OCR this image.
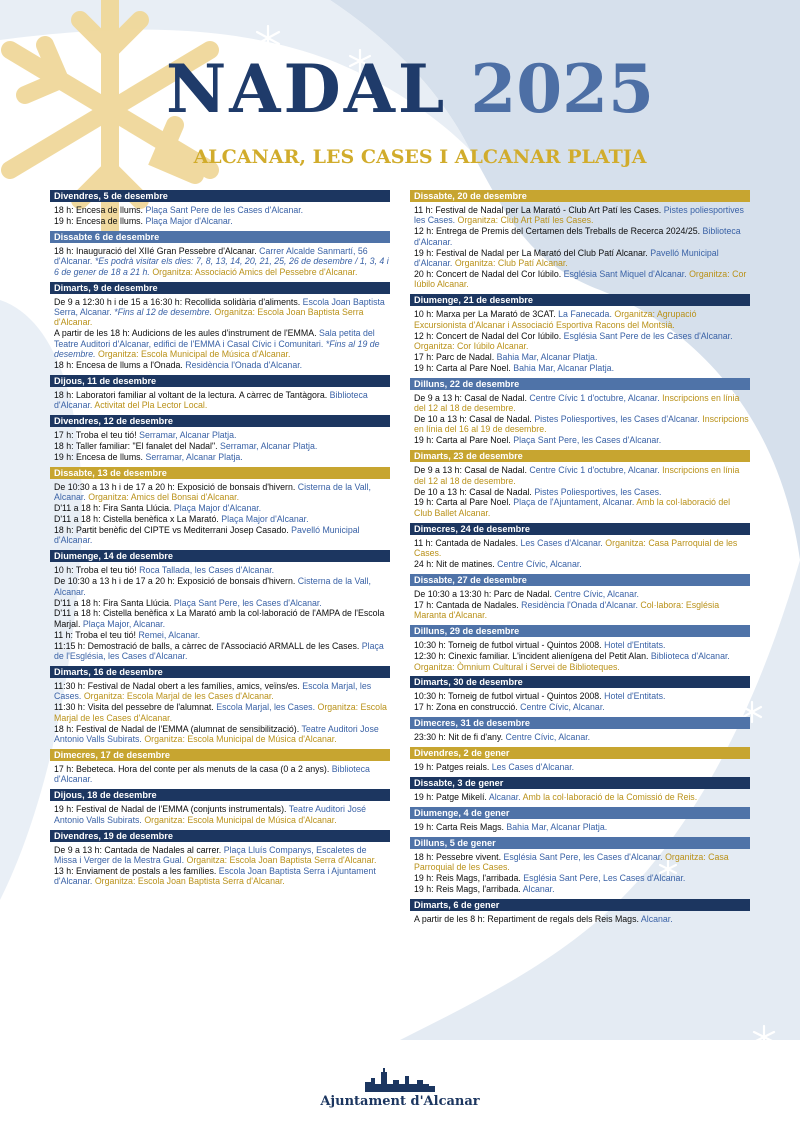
NADAL 2025
ALCANAR, LES CASES I ALCANAR PLATJA
Divendres, 5 de desembre
18 h: Encesa de llums. Plaça Sant Pere de les Cases d'Alcanar.
19 h: Encesa de llums. Plaça Major d'Alcanar.
Dissabte 6 de desembre
18 h: Inauguració del XIIé Gran Pessebre d'Alcanar. Carrer Alcalde Sanmartí, 56 d'Alcanar. *Es podrà visitar els dies: 7, 8, 13, 14, 20, 21, 25, 26 de desembre / 1, 3, 4 i 6 de gener de 18 a 21 h. Organitza: Associació Amics del Pessebre d'Alcanar.
Dimarts, 9 de desembre
De 9 a 12:30 h i de 15 a 16:30 h: Recollida solidària d'aliments. Escola Joan Baptista Serra, Alcanar. *Fins al 12 de desembre. Organitza: Escola Joan Baptista Serra d'Alcanar.
A partir de les 18 h: Audicions de les aules d'instrument de l'EMMA. Sala petita del Teatre Auditori d'Alcanar, edifici de l'EMMA i Casal Cívic i Comunitari. *Fins al 19 de desembre. Organitza: Escola Municipal de Música d'Alcanar.
18 h: Encesa de llums a l'Onada. Residència l'Onada d'Alcanar.
Dijous, 11 de desembre
18 h: Laboratori familiar al voltant de la lectura. A càrrec de Tantàgora. Biblioteca d'Alcanar. Activitat del Pla Lector Local.
Divendres, 12 de desembre
17 h: Troba el teu tió! Serramar, Alcanar Platja.
18 h: Taller familiar: "El fanalet del Nadal". Serramar, Alcanar Platja.
19 h: Encesa de llums. Serramar, Alcanar Platja.
Dissabte, 13 de desembre
De 10:30 a 13 h i de 17 a 20 h: Exposició de bonsais d'hivern. Cisterna de la Vall, Alcanar. Organitza: Amics del Bonsai d'Alcanar.
D'11 a 18 h: Fira Santa Llúcia. Plaça Major d'Alcanar.
D'11 a 18 h: Cistella benèfica x La Marató. Plaça Major d'Alcanar.
18 h: Partit benèfic del CIPTE vs Mediterrani Josep Casado. Pavelló Municipal d'Alcanar.
Diumenge, 14 de desembre
10 h: Troba el teu tió! Roca Tallada, les Cases d'Alcanar.
De 10:30 a 13 h i de 17 a 20 h: Exposició de bonsais d'hivern. Cisterna de la Vall, Alcanar.
D'11 a 18 h: Fira Santa Llúcia. Plaça Sant Pere, les Cases d'Alcanar.
D'11 a 18 h: Cistella benèfica x La Marató amb la col·laboració de l'AMPA de l'Escola Marjal. Plaça Major, Alcanar.
11 h: Troba el teu tió! Remei, Alcanar.
11:15 h: Demostració de balls, a càrrec de l'Associació ARMALL de les Cases. Plaça de l'Església, les Cases d'Alcanar.
Dimarts, 16 de desembre
11:30 h: Festival de Nadal obert a les famílies, amics, veïns/es. Escola Marjal, les Cases. Organitza: Escola Marjal de les Cases d'Alcanar.
11:30 h: Visita del pessebre de l'alumnat. Escola Marjal, les Cases. Organitza: Escola Marjal de les Cases d'Alcanar.
18 h: Festival de Nadal de l'EMMA (alumnat de sensibilització). Teatre Auditori Jose Antonio Valls Subirats. Organitza: Escola Municipal de Música d'Alcanar.
Dimecres, 17 de desembre
17 h: Bebeteca. Hora del conte per als menuts de la casa (0 a 2 anys). Biblioteca d'Alcanar.
Dijous, 18 de desembre
19 h: Festival de Nadal de l'EMMA (conjunts instrumentals). Teatre Auditori José Antonio Valls Subirats. Organitza: Escola Municipal de Música d'Alcanar.
Divendres, 19 de desembre
De 9 a 13 h: Cantada de Nadales al carrer. Plaça Lluís Companys, Escaletes de Missa i Verger de la Mestra Gual. Organitza: Escola Joan Baptista Serra d'Alcanar.
13 h: Enviament de postals a les famílies. Escola Joan Baptista Serra i Ajuntament d'Alcanar. Organitza: Escola Joan Baptista Serra d'Alcanar.
Dissabte, 20 de desembre
11 h: Festival de Nadal per La Marató - Club Art Patí les Cases. Pistes poliesportives les Cases. Organitza: Club Art Patí les Cases.
12 h: Entrega de Premis del Certamen dels Treballs de Recerca 2024/25. Biblioteca d'Alcanar.
19 h: Festival de Nadal per La Marató del Club Patí Alcanar. Pavelló Municipal d'Alcanar. Organitza: Club Patí Alcanar.
20 h: Concert de Nadal del Cor Iúbilo. Església Sant Miquel d'Alcanar. Organitza: Cor Iúbilo Alcanar.
Diumenge, 21 de desembre
10 h: Marxa per La Marató de 3CAT. La Fanecada. Organitza: Agrupació Excursionista d'Alcanar i Associació Esportiva Racons del Montsià.
12 h: Concert de Nadal del Cor Iúbilo. Església Sant Pere de les Cases d'Alcanar. Organitza: Cor Iúbilo Alcanar.
17 h: Parc de Nadal. Bahia Mar, Alcanar Platja.
19 h: Carta al Pare Noel. Bahia Mar, Alcanar Platja.
Dilluns, 22 de desembre
De 9 a 13 h: Casal de Nadal. Centre Cívic 1 d'octubre, Alcanar. Inscripcions en línia del 12 al 18 de desembre.
De 10 a 13 h: Casal de Nadal. Pistes Poliesportives, les Cases d'Alcanar. Inscripcions en línia del 16 al 19 de desembre.
19 h: Carta al Pare Noel. Plaça Sant Pere, les Cases d'Alcanar.
Dimarts, 23 de desembre
De 9 a 13 h: Casal de Nadal. Centre Cívic 1 d'octubre, Alcanar. Inscripcions en línia del 12 al 18 de desembre.
De 10 a 13 h: Casal de Nadal. Pistes Poliesportives, les Cases.
19 h: Carta al Pare Noel. Plaça de l'Ajuntament, Alcanar. Amb la col·laboració del Club Ballet Alcanar.
Dimecres, 24 de desembre
11 h: Cantada de Nadales. Les Cases d'Alcanar. Organitza: Casa Parroquial de les Cases.
24 h: Nit de matines. Centre Cívic, Alcanar.
Dissabte, 27 de desembre
De 10:30 a 13:30 h: Parc de Nadal. Centre Cívic, Alcanar.
17 h: Cantada de Nadales. Residència l'Onada d'Alcanar. Col·labora: Església Maranta d'Alcanar.
Dilluns, 29 de desembre
10:30 h: Torneig de futbol virtual - Quintos 2008. Hotel d'Entitats.
12:30 h: Cinexic familiar. L'incident alienígena del Petit Alan. Biblioteca d'Alcanar. Organitza: Òmnium Cultural i Servei de Biblioteques.
Dimarts, 30 de desembre
10:30 h: Torneig de futbol virtual - Quintos 2008. Hotel d'Entitats.
17 h: Zona en construcció. Centre Cívic, Alcanar.
Dimecres, 31 de desembre
23:30 h: Nit de fi d'any. Centre Cívic, Alcanar.
Divendres, 2 de gener
19 h: Patges reials. Les Cases d'Alcanar.
Dissabte, 3 de gener
19 h: Patge Mikelí. Alcanar. Amb la col·laboració de la Comissió de Reis.
Diumenge, 4 de gener
19 h: Carta Reis Mags. Bahia Mar, Alcanar Platja.
Dilluns, 5 de gener
18 h: Pessebre vivent. Església Sant Pere, les Cases d'Alcanar. Organitza: Casa Parroquial de les Cases.
19 h: Reis Mags, l'arribada. Església Sant Pere, Les Cases d'Alcanar.
19 h: Reis Mags, l'arribada. Alcanar.
Dimarts, 6 de gener
A partir de les 8 h: Repartiment de regals dels Reis Mags. Alcanar.
Ajuntament d'Alcanar
